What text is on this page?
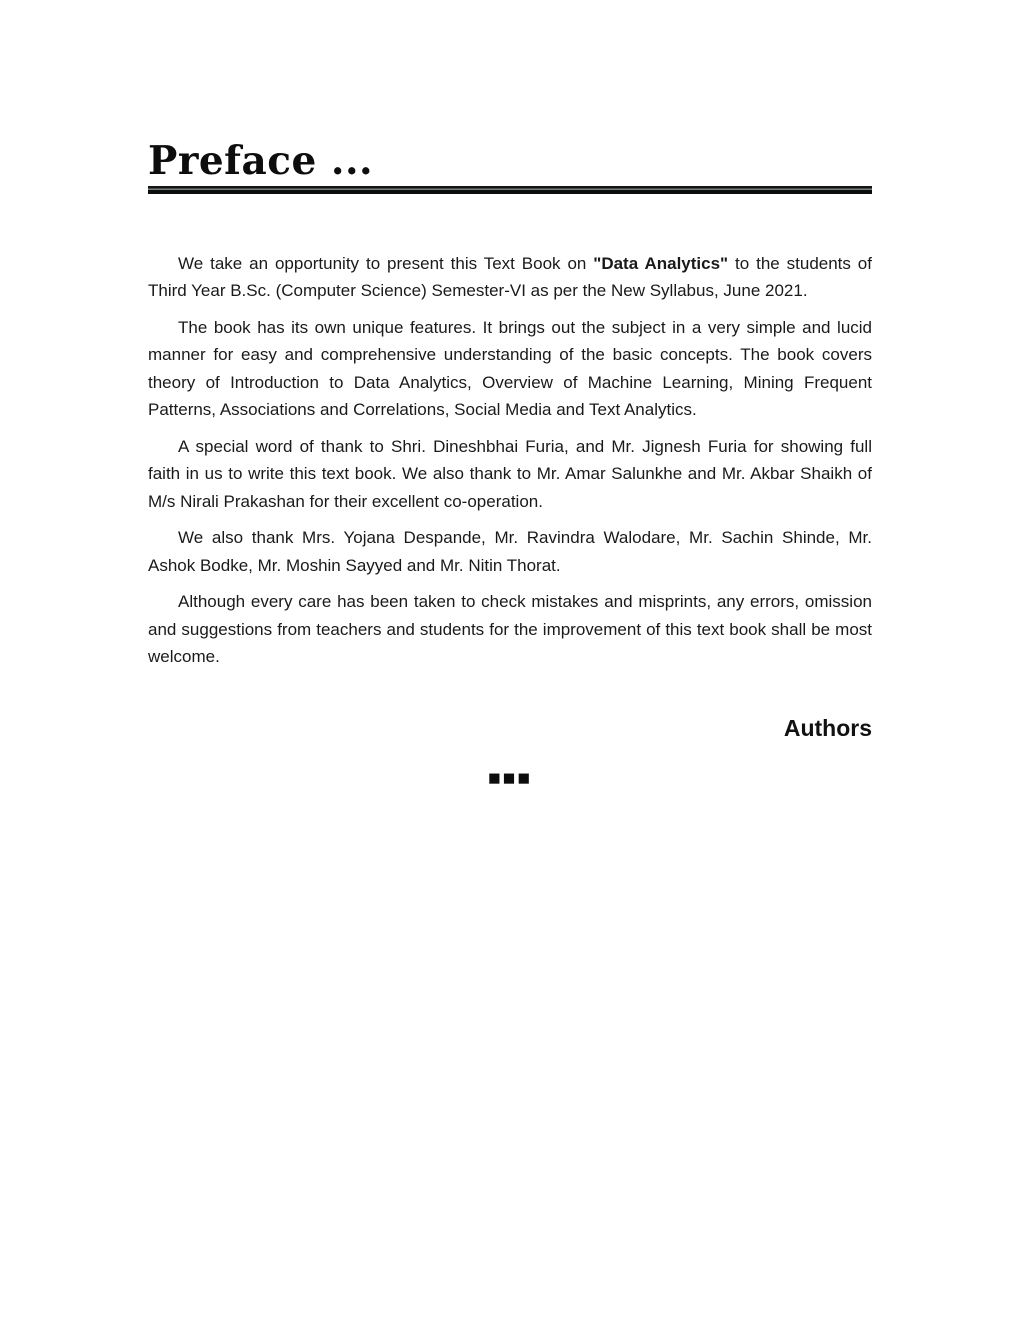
Preface ...

We take an opportunity to present this Text Book on "Data Analytics" to the students of Third Year B.Sc. (Computer Science) Semester-VI as per the New Syllabus, June 2021.

The book has its own unique features. It brings out the subject in a very simple and lucid manner for easy and comprehensive understanding of the basic concepts. The book covers theory of Introduction to Data Analytics, Overview of Machine Learning, Mining Frequent Patterns, Associations and Correlations, Social Media and Text Analytics.

A special word of thank to Shri. Dineshbhai Furia, and Mr. Jignesh Furia for showing full faith in us to write this text book. We also thank to Mr. Amar Salunkhe and Mr. Akbar Shaikh of M/s Nirali Prakashan for their excellent co-operation.

We also thank Mrs. Yojana Despande, Mr. Ravindra Walodare, Mr. Sachin Shinde, Mr. Ashok Bodke, Mr. Moshin Sayyed and Mr. Nitin Thorat.

Although every care has been taken to check mistakes and misprints, any errors, omission and suggestions from teachers and students for the improvement of this text book shall be most welcome.

Authors
■■■
